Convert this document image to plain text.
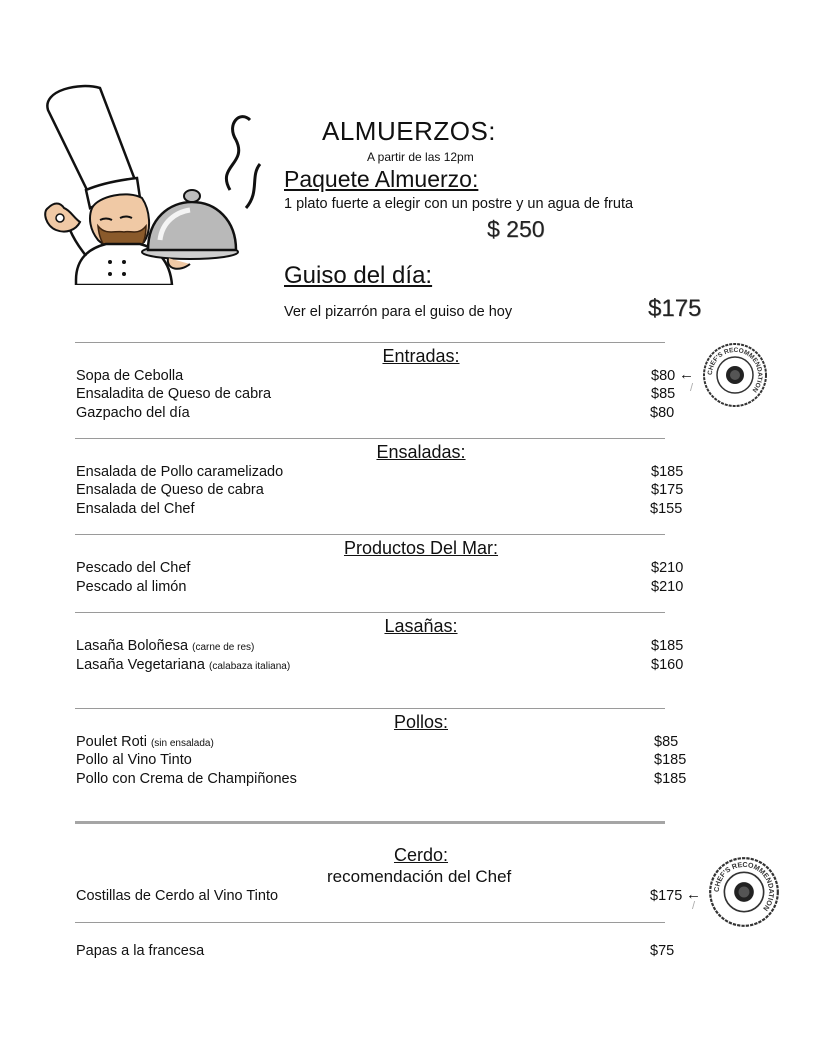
ALMUERZOS:
A partir de las 12pm
Paquete Almuerzo:
1 plato fuerte a elegir con un postre y un agua de fruta
$ 250
Guiso del día:
Ver el pizarrón para el guiso de hoy	$175
Entradas:
Sopa de Cebolla	$80
Ensaladita de Queso de cabra	$85
Gazpacho del día	$80
←
/
Ensaladas:
Ensalada de Pollo caramelizado	$185
Ensalada de Queso de cabra	$175
Ensalada del Chef	$155
Productos Del Mar:
Pescado del Chef	$210
Pescado al limón	$210
Lasañas:
Lasaña Boloñesa (carne de res)	$185
Lasaña Vegetariana (calabaza italiana)	$160
Pollos:
Poulet Roti (sin ensalada)	$85
Pollo al Vino Tinto	$185
Pollo con Crema de Champiñones	$185
Cerdo:
recomendación del Chef
Costillas de Cerdo al Vino Tinto	$175 ←
/
Papas a la francesa	$75
CHEF'S RECOMMENDATION
CHEF'S RECOMMENDATION
